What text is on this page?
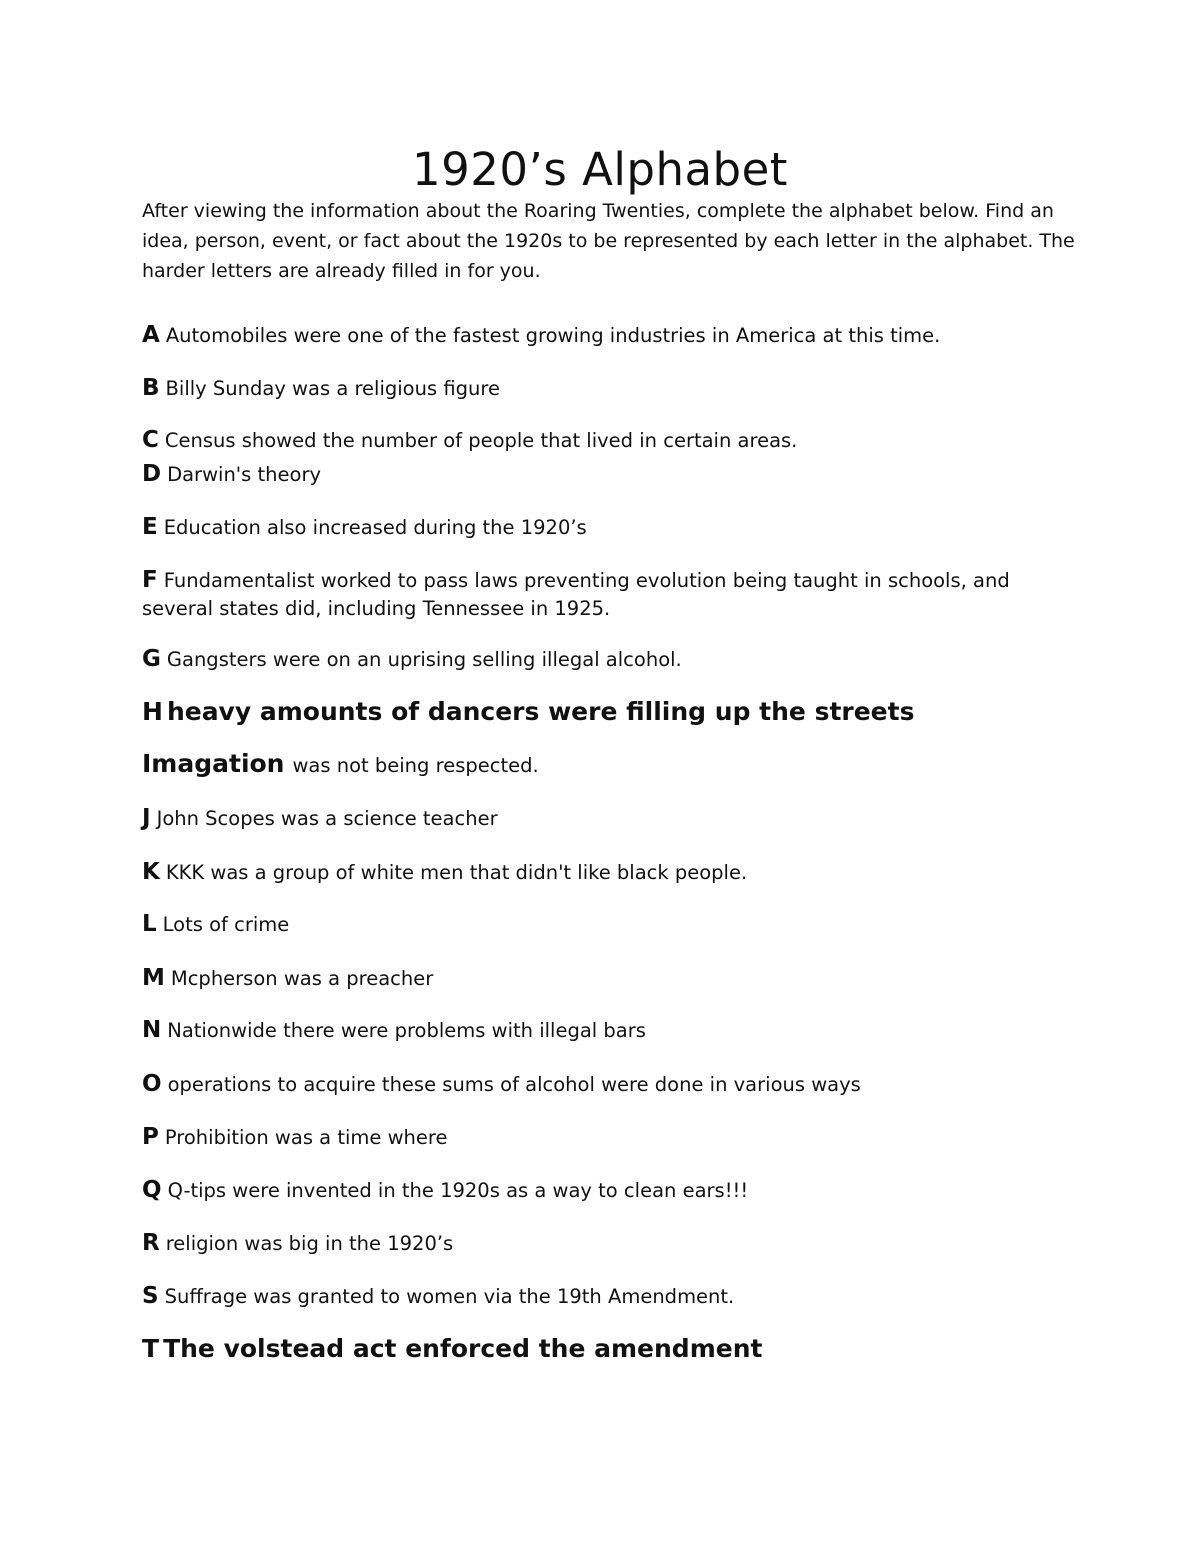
1920’s Alphabet

After viewing the information about the Roaring Twenties, complete the alphabet below. Find an idea, person, event, or fact about the 1920s to be represented by each letter in the alphabet. The harder letters are already filled in for you.

A Automobiles were one of the fastest growing industries in America at this time.

B Billy Sunday was a religious figure

C Census showed the number of people that lived in certain areas.

D Darwin's theory

E Education also increased during the 1920’s

F Fundamentalist worked to pass laws preventing evolution being taught in schools, and several states did, including Tennessee in 1925.

G Gangsters were on an uprising selling illegal alcohol.

H heavy amounts of dancers were filling up the streets

Imagation was not being respected.

J John Scopes was a science teacher

K KKK was a group of white men that didn't like black people.

L Lots of crime

M Mcpherson was a preacher

N Nationwide there were problems with illegal bars

O operations to acquire these sums of alcohol were done in various ways

P Prohibition was a time where

Q Q-tips were invented in the 1920s as a way to clean ears!!!

R religion was big in the 1920’s

S Suffrage was granted to women via the 19th Amendment.

T The volstead act enforced the amendment
